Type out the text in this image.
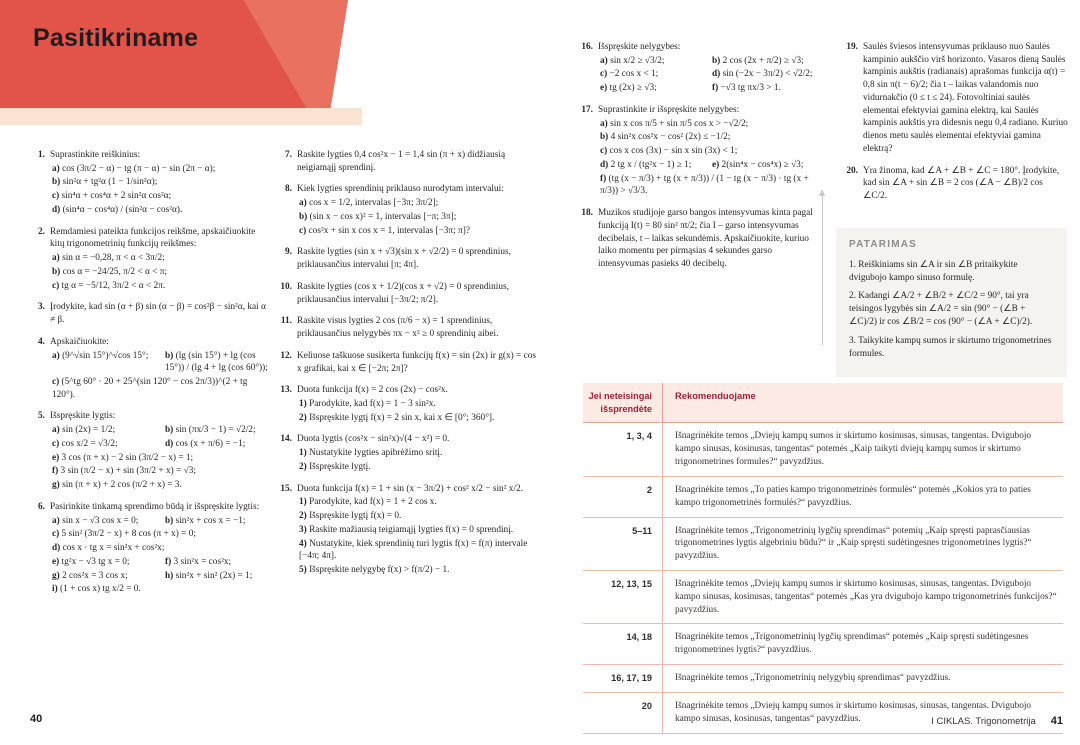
Pasitikriname
1. Suprastinkite reiškinius:
a) cos (3π/2 − α) − tg (π − α) − sin (2π − α);
b) sin²α + tg²α (1 − 1/sin²α);
c) sin⁴α + cos⁴α + 2 sin²α cos²α;
d) (sin⁴α − cos⁴α) / (sin²α − cos²α).
2. Remdamiesi pateikta funkcijos reikšme, apskaičiuokite kitų trigonometrinių funkcijų reikšmes:
a) sin α = −0,28, π < α < 3π/2;
b) cos α = −24/25, π/2 < α < π;
c) tg α = −5/12, 3π/2 < α < 2π.
3. Įrodykite, kad sin (α + β) sin (α − β) = cos²β − sin²α, kai α ≠ β.
4. Apskaičiuokite:
a) (9^√sin 15°)^√cos 15°;	b) (lg (sin 15°) + lg (cos 15°)) / (lg 4 + lg (cos 60°));
c) (5^tg 60° · 20 + 25^(sin 120° − cos 2π/3))^(2 + tg 120°).
5. Išspręskite lygtis:
a) sin (2x) = 1/2;	b) sin (πx/3 − 1) = √2/2;
c) cos x/2 = √3/2;	d) cos (x + π/6) = −1;
e) 3 cos (π + x) − 2 sin (3π/2 − x) = 1;
f) 3 sin (π/2 − x) + sin (3π/2 + x) = √3;
g) sin (π + x) + 2 cos (π/2 + x) = 3.
6. Pasirinkite tinkamą sprendimo būdą ir išspręskite lygtis:
a) sin x − √3 cos x = 0;	b) sin²x + cos x = −1;
c) 5 sin² (3π/2 − x) + 8 cos (π + x) = 0;
d) cos x · tg x = sin²x + cos²x;
e) tg²x − √3 tg x = 0;	f) 3 sin²x = cos²x;
g) 2 cos²x = 3 cos x;	h) sin²x + sin² (2x) = 1;
i) (1 + cos x) tg x/2 = 0.
7. Raskite lygties 0,4 cos²x − 1 = 1,4 sin (π + x) didžiausią neigiamąjį sprendinį.
8. Kiek lygties sprendinių priklauso nurodytam intervalui:
a) cos x = 1/2, intervalas [−3π; 3π/2];
b) (sin x − cos x)² = 1, intervalas [−π; 3π];
c) cos²x + sin x cos x = 1, intervalas [−3π; π]?
9. Raskite lygties (sin x + √3)(sin x + √2/2) = 0 sprendinius, priklausančius intervalui [π; 4π].
10. Raskite lygties (cos x + 1/2)(cos x + √2) = 0 sprendinius, priklausančius intervalui [−3π/2; π/2].
11. Raskite visus lygties 2 cos (π/6 − x) = 1 sprendinius, priklausančius nelygybės πx − x² ≥ 0 sprendinių aibei.
12. Keliuose taškuose susikerta funkcijų f(x) = sin (2x) ir g(x) = cos x grafikai, kai x ∈ [−2π; 2π]?
13. Duota funkcija f(x) = 2 cos (2x) − cos²x.
1) Parodykite, kad f(x) = 1 − 3 sin²x.
2) Išspręskite lygtį f(x) = 2 sin x, kai x ∈ [0°; 360°].
14. Duota lygtis (cos²x − sin²x)√(4 − x²) = 0.
1) Nustatykite lygties apibrėžimo sritį.
2) Išspręskite lygtį.
15. Duota funkcija f(x) = 1 + sin (x − 3π/2) + cos² x/2 − sin² x/2.
1) Parodykite, kad f(x) = 1 + 2 cos x.
2) Išspręskite lygtį f(x) = 0.
3) Raskite mažiausią teigiamąjį lygties f(x) = 0 sprendinį.
4) Nustatykite, kiek sprendinių turi lygtis f(x) = f(π) intervale [−4π; 4π].
5) Išspręskite nelygybę f(x) > f(π/2) − 1.
16. Išspręskite nelygybes:
a) sin x/2 ≥ √3/2;	b) 2 cos (2x + π/2) ≥ √3;
c) −2 cos x < 1;	d) sin (−2x − 3π/2) < √2/2;
e) tg (2x) ≥ √3;	f) −√3 tg πx/3 > 1.
17. Suprastinkite ir išspręskite nelygybes:
a) sin x cos π/5 + sin π/5 cos x > −√2/2;
b) 4 sin²x cos²x − cos² (2x) ≤ −1/2;
c) cos x cos (3x) − sin x sin (3x) < 1;
d) 2 tg x / (tg²x − 1) ≥ 1;	e) 2(sin⁴x − cos⁴x) ≥ √3;
f) (tg (x − π/3) + tg (x + π/3)) / (1 − tg (x − π/3) · tg (x + π/3)) > √3/3.
18. Muzikos studijoje garso bangos intensyvumas kinta pagal funkciją I(t) = 80 sin² πt/2; čia I – garso intensyvumas decibelais, t – laikas sekundėmis. Apskaičiuokite, kuriuo laiko momentu per pirmąsias 4 sekundes garso intensyvumas pasieks 40 decibelų.
19. Saulės šviesos intensyvumas priklauso nuo Saulės kampinio aukščio virš horizonto. Vasaros dieną Saulės kampinis aukštis (radianais) aprašomas funkcija α(t) = 0,8 sin π(t − 6)/2; čia t – laikas valandomis nuo vidurnakčio (0 ≤ t ≤ 24). Fotovoltiniai saulės elementai efektyviai gamina elektrą, kai Saulės kampinis aukštis yra didesnis negu 0,4 radiano. Kuriuo dienos metu saulės elementai efektyviai gamina elektrą?
20. Yra žinoma, kad ∠A + ∠B + ∠C = 180°. Įrodykite, kad sin ∠A + sin ∠B = 2 cos (∠A − ∠B)/2 cos ∠C/2.
PATARIMAS
1. Reiškiniams sin ∠A ir sin ∠B pritaikykite dvigubojo kampo sinuso formulę.
2. Kadangi ∠A/2 + ∠B/2 + ∠C/2 = 90°, tai yra teisingos lygybės sin ∠A/2 = sin (90° − (∠B + ∠C)/2) ir cos ∠B/2 = cos (90° − (∠A + ∠C)/2).
3. Taikykite kampų sumos ir skirtumo trigonometrines formules.
Jei neteisingai išsprendėte
Rekomenduojame
1, 3, 4	Išnagrinėkite temos „Dviejų kampų sumos ir skirtumo kosinusas, sinusas, tangentas. Dvigubojo kampo sinusas, kosinusas, tangentas“ potemės „Kaip taikyti dviejų kampų sumos ir skirtumo trigonometrines formules?“ pavyzdžius.
2	Išnagrinėkite temos „To paties kampo trigonometrinės formulės“ potemės „Kokios yra to paties kampo trigonometrinės formulės?“ pavyzdžius.
5–11	Išnagrinėkite temos „Trigonometrinių lygčių sprendimas“ potemių „Kaip spręsti paprasčiausias trigonometrines lygtis algebriniu būdu?“ ir „Kaip spręsti sudėtingesnes trigonometrines lygtis?“ pavyzdžius.
12, 13, 15	Išnagrinėkite temos „Dviejų kampų sumos ir skirtumo kosinusas, sinusas, tangentas. Dvigubojo kampo sinusas, kosinusas, tangentas“ potemės „Kas yra dvigubojo kampo trigonometrinės funkcijos?“ pavyzdžius.
14, 18	Išnagrinėkite temos „Trigonometrinių lygčių sprendimas“ potemės „Kaip spręsti sudėtingesnes trigonometrines lygtis?“ pavyzdžius.
16, 17, 19	Išnagrinėkite temos „Trigonometrinių nelygybių sprendimas“ pavyzdžius.
20	Išnagrinėkite temos „Dviejų kampų sumos ir skirtumo kosinusas, sinusas, tangentas. Dvigubojo kampo sinusas, kosinusas, tangentas“ pavyzdžius.
40	I CIKLAS. Trigonometrija 41
